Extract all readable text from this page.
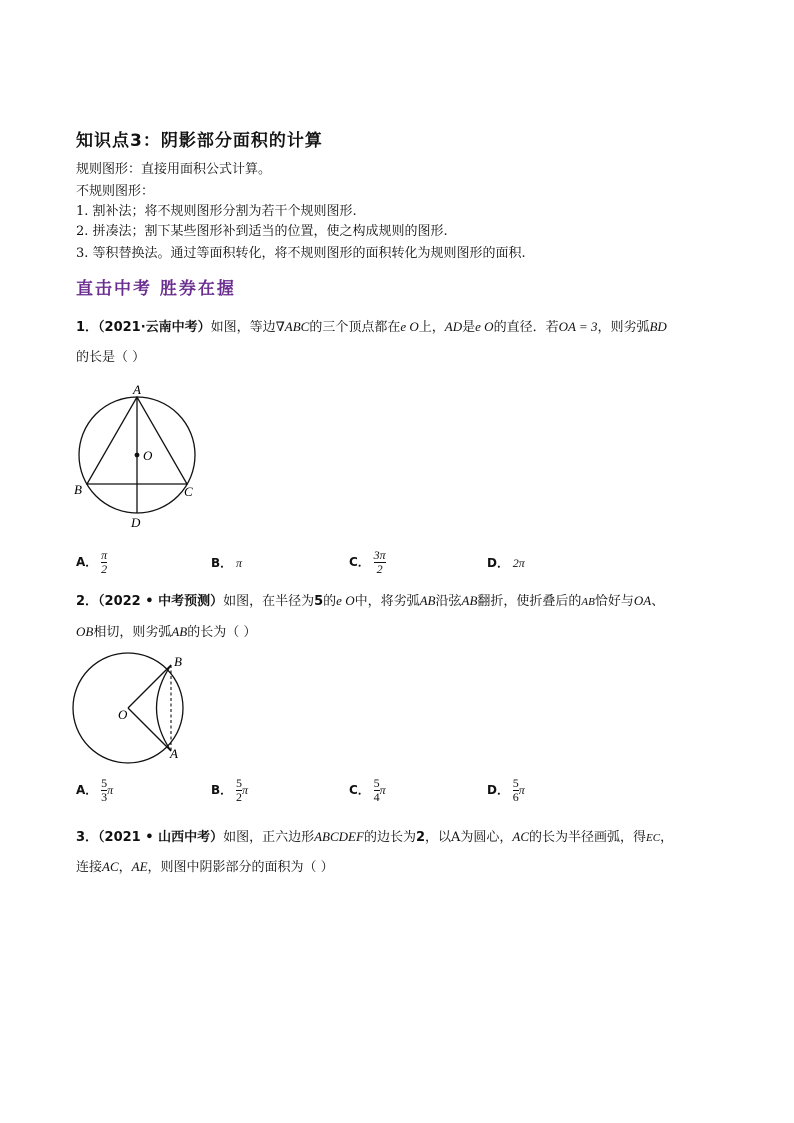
知识点3：阴影部分面积的计算
规则图形：直接用面积公式计算。
不规则图形：
1. 割补法；将不规则图形分割为若干个规则图形.
2. 拼凑法；割下某些图形补到适当的位置，使之构成规则的图形.
3. 等积替换法。通过等面积转化，将不规则图形的面积转化为规则图形的面积.
直击中考 胜券在握
1．（2021·云南中考）如图，等边∇ABC的三个顶点都在e O上，AD是e O的直径．若OA = 3，则劣弧BD
的长是（ ）
A
O
B	C
D
A． $\frac{\pi}{2}$	B． π	C． $\frac{3\pi}{2}$	D． 2π
2．（2022 • 中考预测）如图，在半径为5的e O中，将劣弧AB沿弦AB翻折，使折叠后的AB恰好与OA、
OB相切，则劣弧AB的长为（ ）
B
O
A
A． $\frac{5}{3}$ π	B． $\frac{5}{2}$ π	C． $\frac{5}{4}$ π	D． $\frac{5}{6}$ π
3．（2021 • 山西中考）如图，正六边形ABCDEF的边长为2，以A为圆心，AC的长为半径画弧，得EC，
连接AC，AE，则图中阴影部分的面积为（ ）
